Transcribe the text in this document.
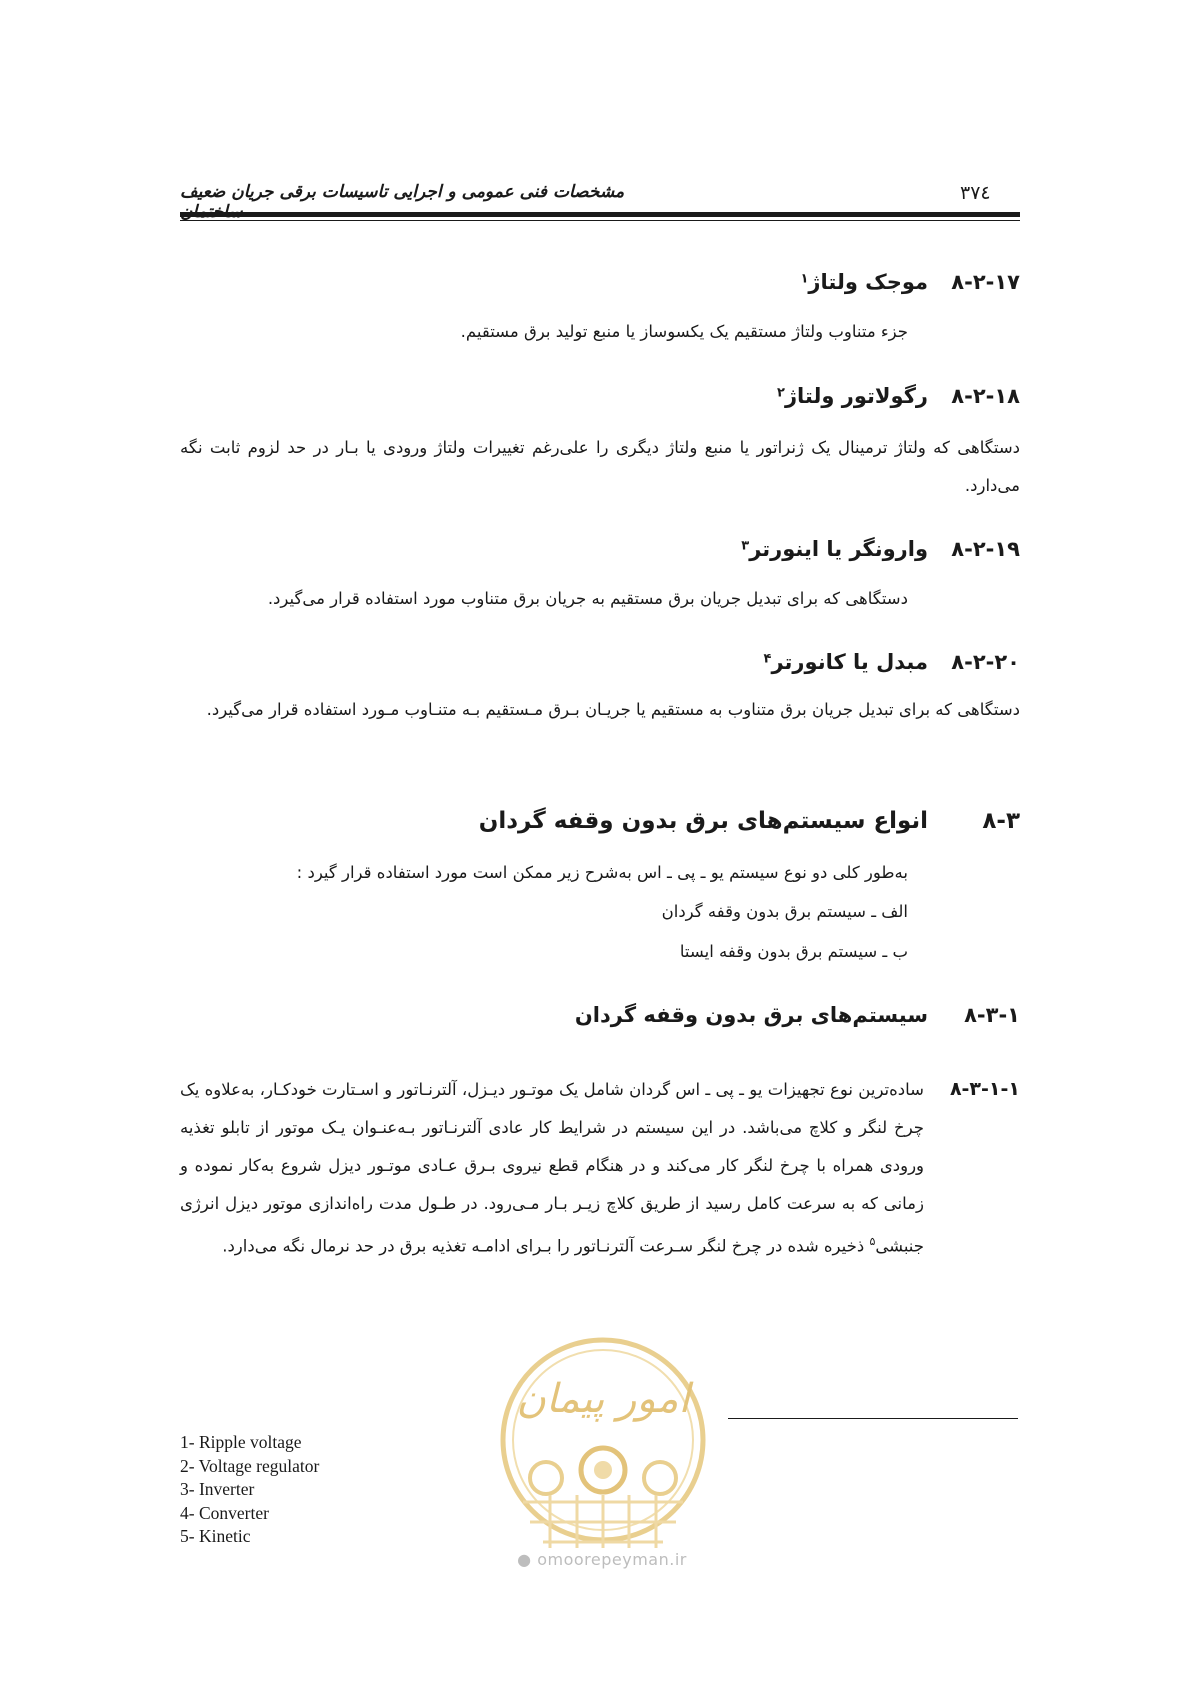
۳۷٤
مشخصات فنی عمومی و اجرایی تاسیسات برقی جریان ضعیف
۸-۲-۱۷موجک ولتاژ$^۱$
جزء متناوب ولتاژ مستقیم یک یکسوساز یا منبع تولید برق مستقیم.
۸-۲-۱۸رگولاتور ولتاژ$^۲$
دستگاهی که ولتاژ ترمینال یک ژنراتور یا منبع ولتاژ دیگری را علی‌رغم تغییرات ولتاژ ورودی یا بـار در حد لزوم ثابت نگه می‌دارد.
۸-۲-۱۹وارونگر یا اینورتر$^۳$
دستگاهی که برای تبدیل جریان برق مستقیم به جریان برق متناوب مورد استفاده قرار می‌گیرد.
۸-۲-۲۰مبدل یا کانورتر$^۴$
دستگاهی که برای تبدیل جریان برق متناوب به مستقیم یا جریـان بـرق مـستقیم بـه متنـاوب مـورد استفاده قرار می‌گیرد.
۸-۳انواع سیستم‌های برق بدون وقفه گردان
به‌طور کلی دو نوع سیستم یو ـ پی ـ اس به‌شرح زیر ممکن است مورد استفاده قرار گیرد :
الف ـ سیستم برق بدون وقفه گردان
ب ـ سیستم برق بدون وقفه ایستا
۸-۳-۱سیستم‌های برق بدون وقفه گردان
۸-۳-۱-۱
ساده‌ترین نوع تجهیزات یو ـ پی ـ اس گردان شامل یک موتـور دیـزل، آلترنـاتور و اسـتارت خودکـار، به‌علاوه یک چرخ لنگر و کلاچ می‌باشد. در این سیستم در شرایط کار عادی آلترنـاتور بـه‌عنـوان یـک موتور از تابلو تغذیه ورودی همراه با چرخ لنگر کار می‌کند و در هنگام قطع نیروی بـرق عـادی موتـور دیزل شروع به‌کار نموده و زمانی که به سرعت کامل رسید از طریق کلاچ زیـر بـار مـی‌رود. در طـول مدت راه‌اندازی موتور دیزل انرژی جنبشی$^۵$ ذخیره شده در چرخ لنگر سـرعت آلترنـاتور را بـرای ادامـه تغذیه برق در حد نرمال نگه می‌دارد.
امور پیمان
● omoorepeyman.ir
1- Ripple voltage
2- Voltage regulator
3- Inverter
4- Converter
5- Kinetic
